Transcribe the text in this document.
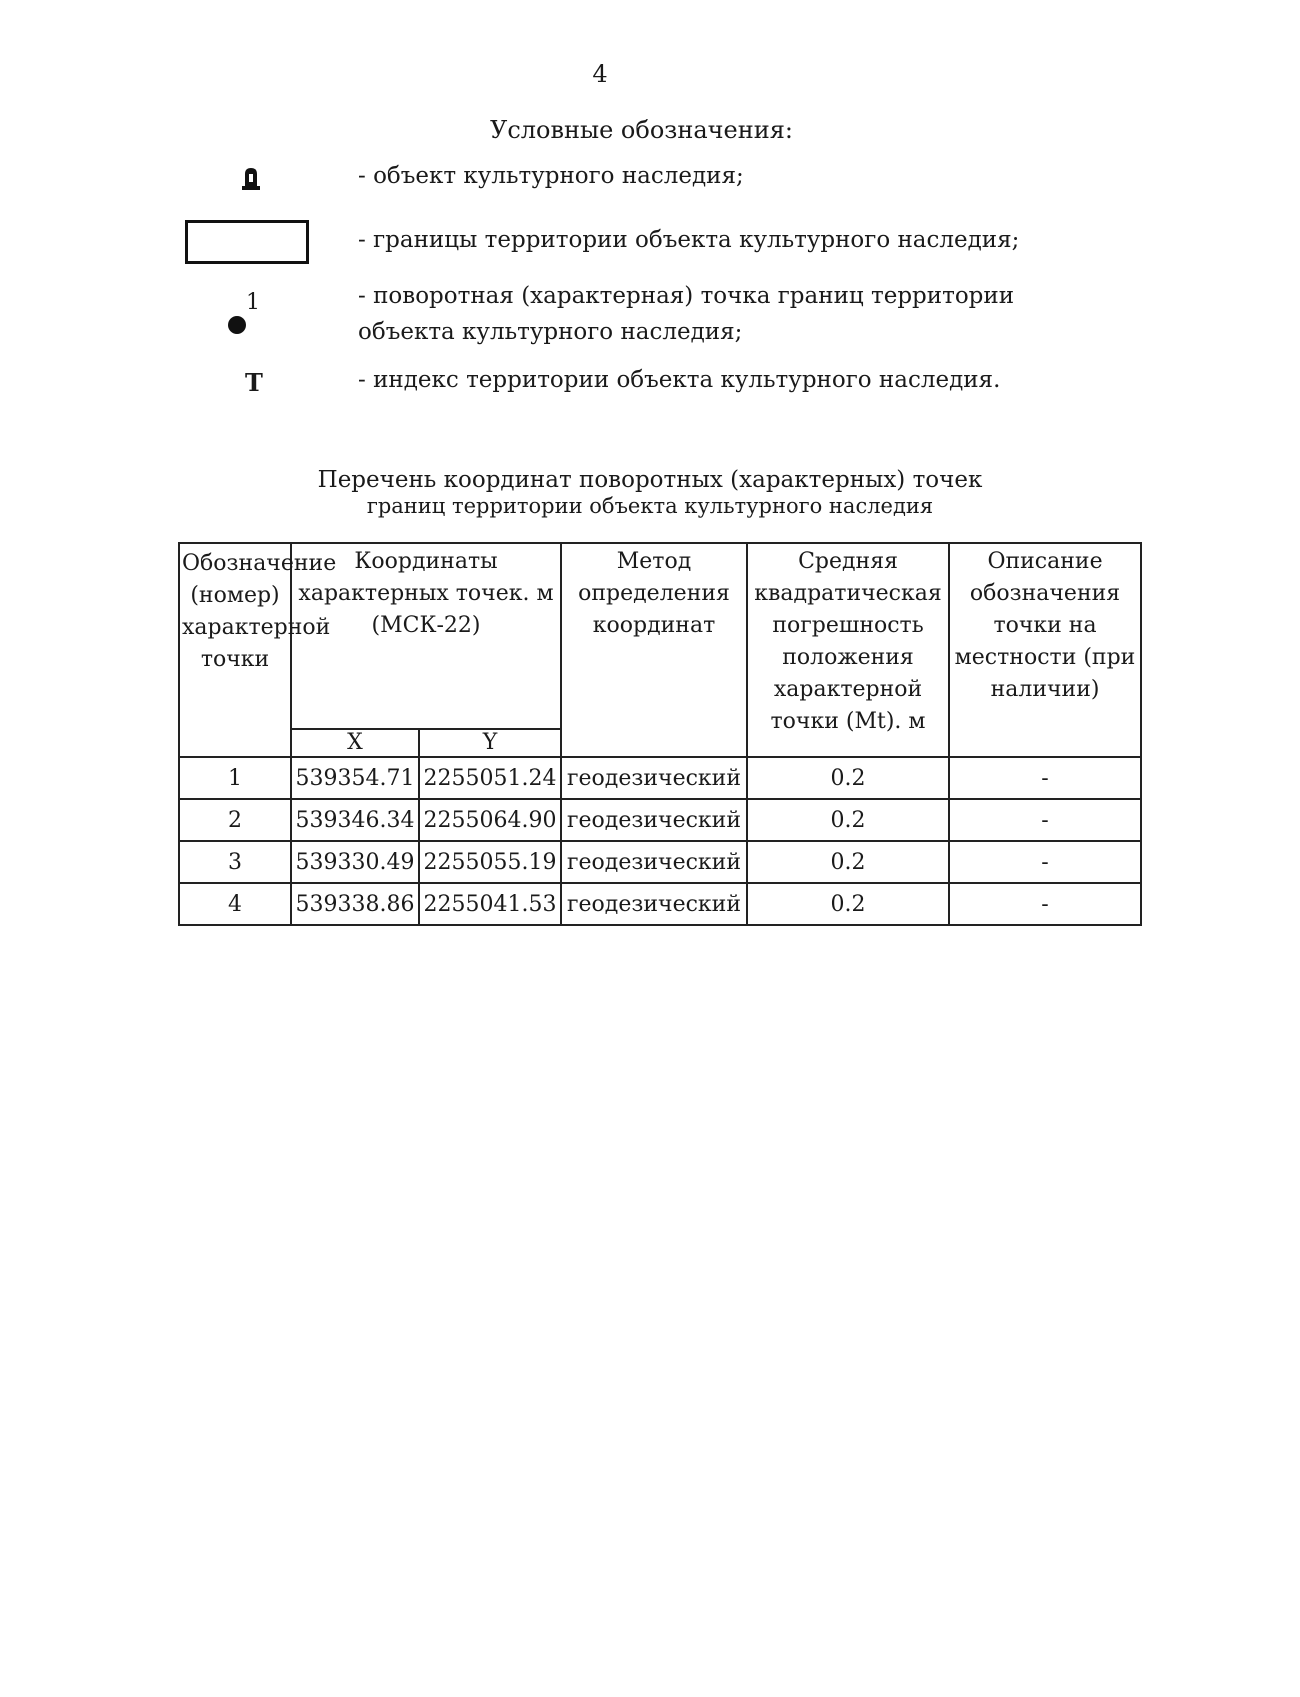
4
Условные обозначения:
- объект культурного наследия;
- границы территории объекта культурного наследия;
1	- поворотная (характерная) точка границ территории объекта культурного наследия;
Т	- индекс территории объекта культурного наследия.
Перечень координат поворотных (характерных) точек
границ территории объекта культурного наследия
Обозначение (номер) характерной точки	Координаты характерных точек. м (МСК-22)		Метод определения координат	Средняя квадратическая погрешность положения характерной точки (Mt). м	Описание обозначения точки на местности (при наличии)
	X	Y			
1	539354.71	2255051.24	геодезический	0.2	-
2	539346.34	2255064.90	геодезический	0.2	-
3	539330.49	2255055.19	геодезический	0.2	-
4	539338.86	2255041.53	геодезический	0.2	-
